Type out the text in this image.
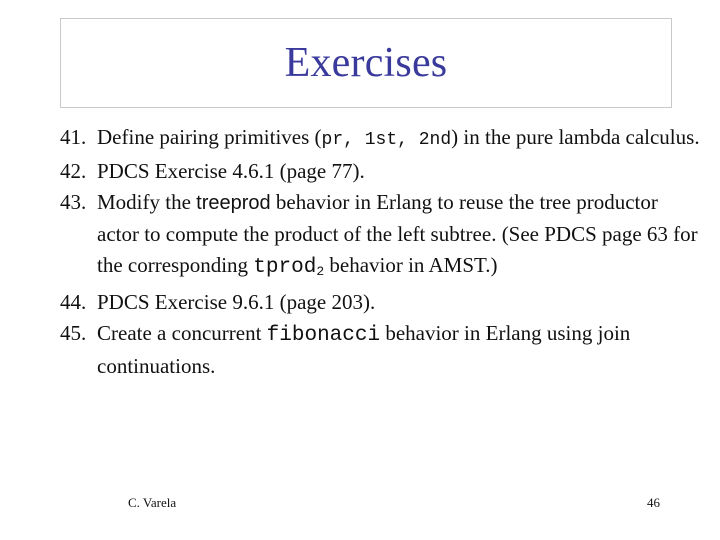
Exercises
41. Define pairing primitives (pr, 1st, 2nd) in the pure lambda calculus.
42. PDCS Exercise 4.6.1 (page 77).
43. Modify the treeprod behavior in Erlang to reuse the tree productor actor to compute the product of the left subtree. (See PDCS page 63 for the corresponding tprod$_2$ behavior in AMST.)
44. PDCS Exercise 9.6.1 (page 203).
45. Create a concurrent fibonacci behavior in Erlang using join continuations.
C. Varela	46
